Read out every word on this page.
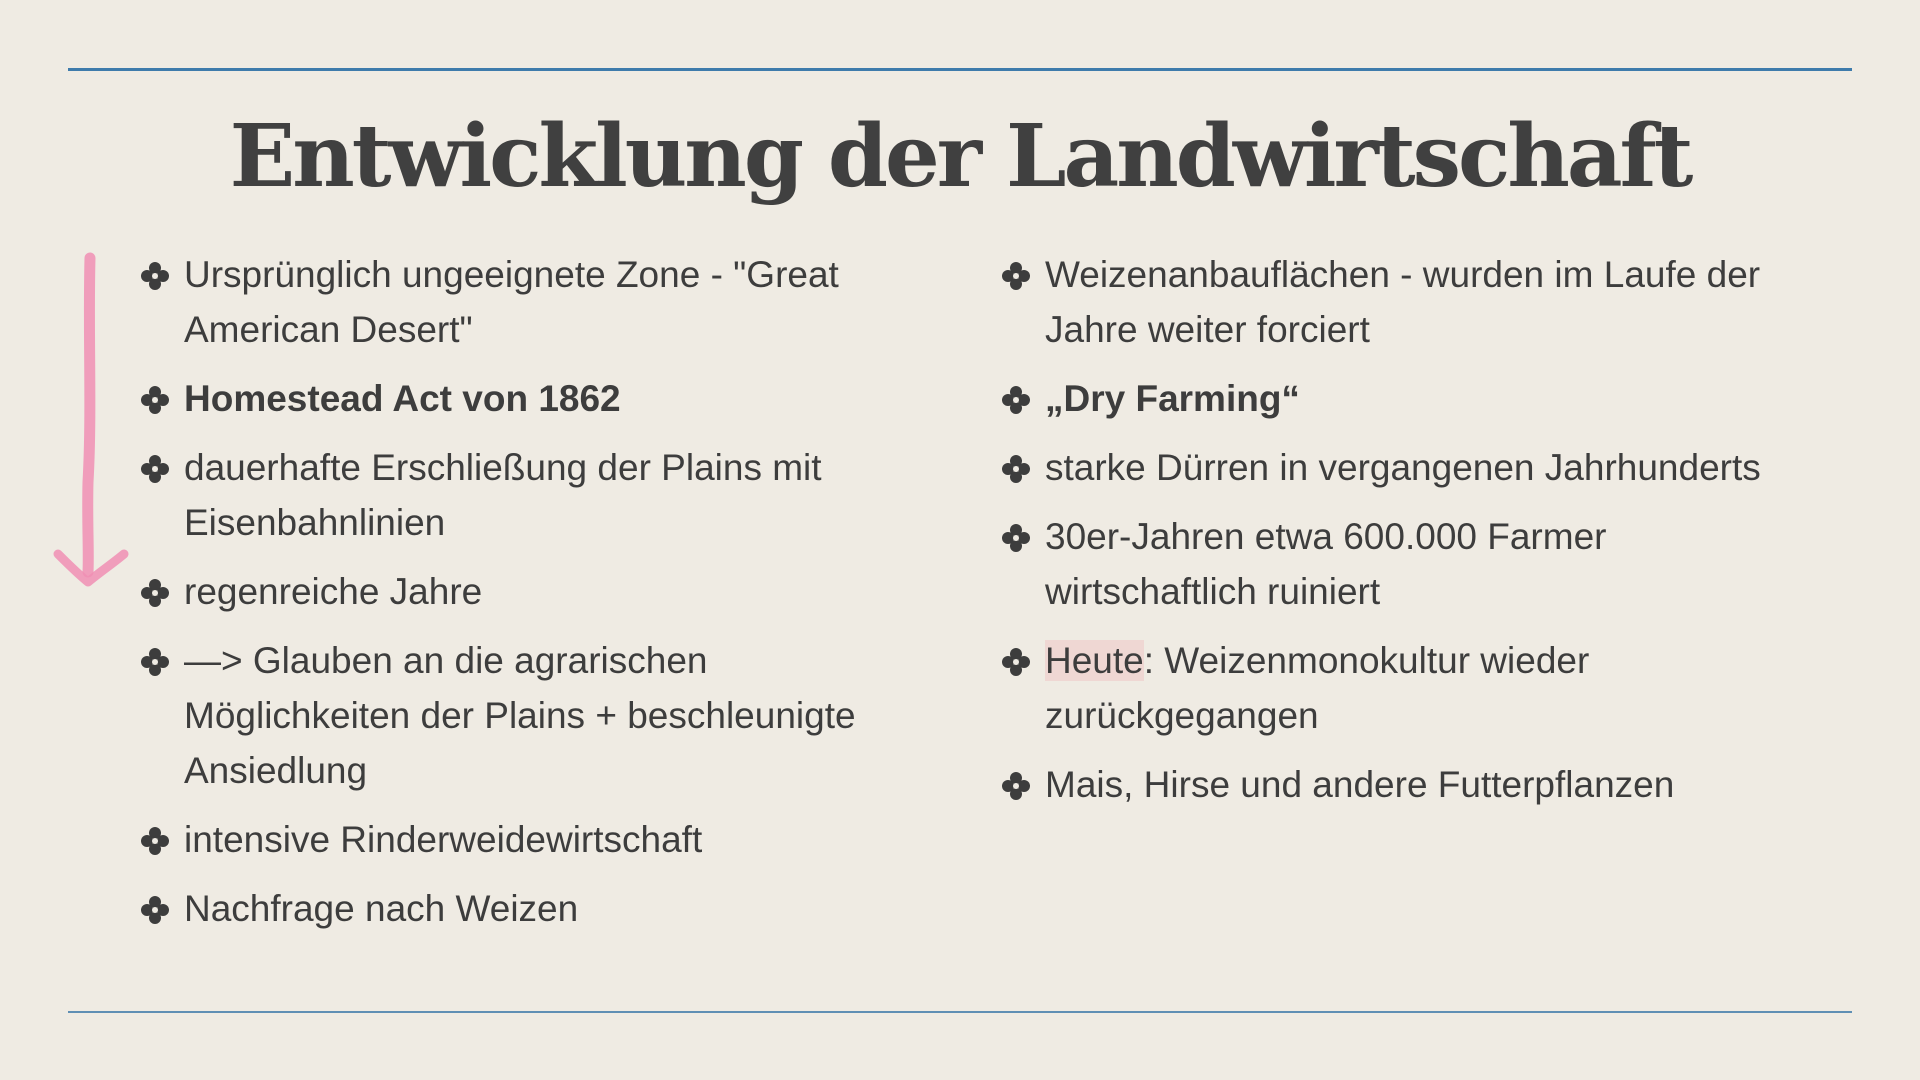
Entwicklung der Landwirtschaft
Ursprünglich ungeeignete Zone - "Great American Desert"
Homestead Act von 1862
dauerhafte Erschließung der Plains mit Eisenbahnlinien
regenreiche Jahre
—> Glauben an die agrarischen Möglichkeiten der Plains + beschleunigte Ansiedlung
intensive Rinderweidewirtschaft
Nachfrage nach Weizen
Weizenanbauflächen - wurden im Laufe der Jahre weiter forciert
„Dry Farming“
starke Dürren in vergangenen Jahrhunderts
30er-Jahren etwa 600.000 Farmer wirtschaftlich ruiniert
Heute: Weizenmonokultur wieder zurückgegangen
Mais, Hirse und andere Futterpflanzen
